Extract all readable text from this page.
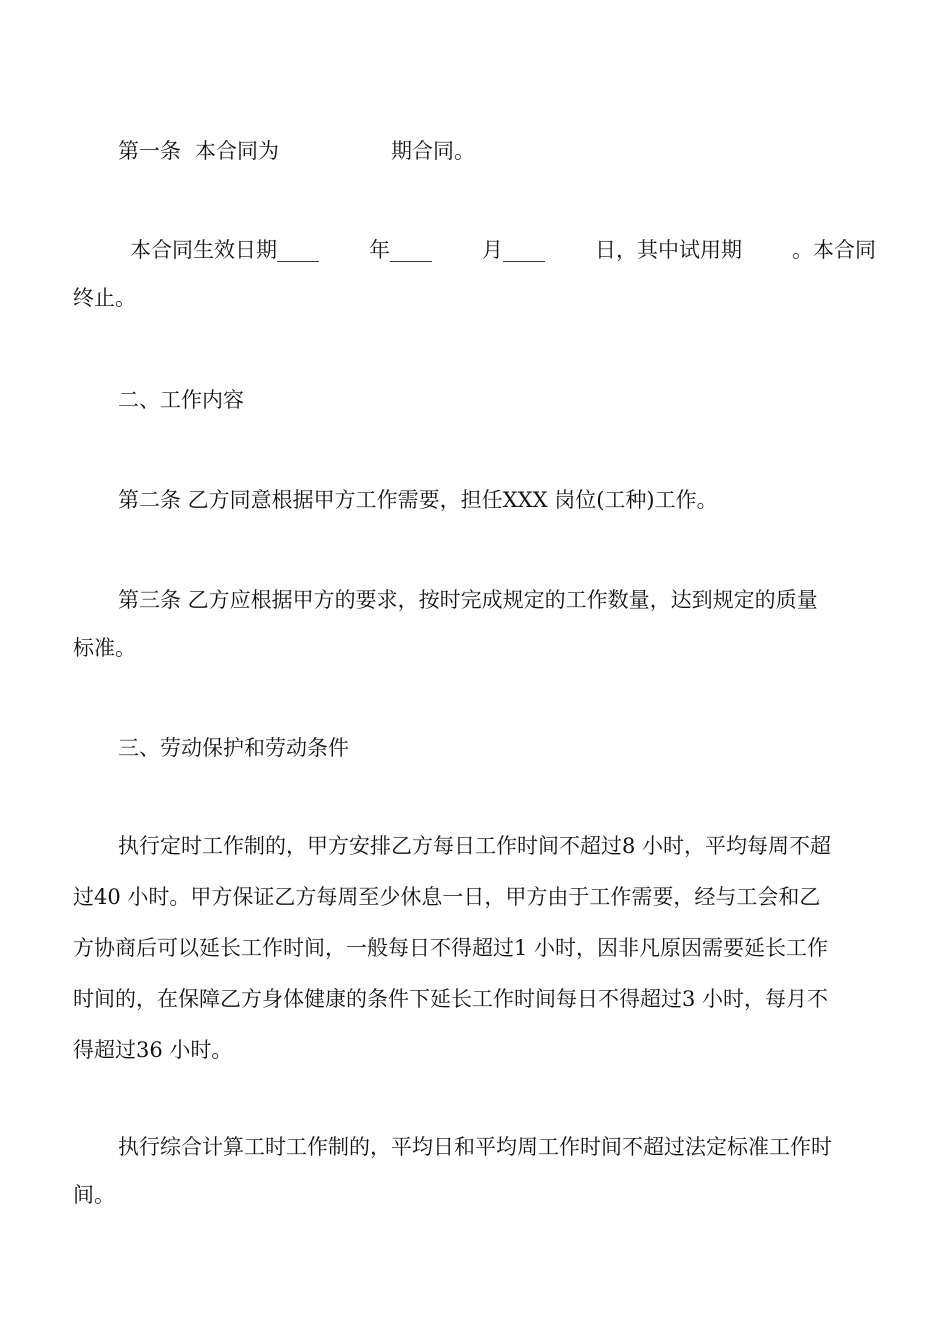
第一条 本合同为	期合同。
本合同生效日期____ 年____ 月____ 日，其中试用期 。本合同
终止。
二、工作内容
第二条 乙方同意根据甲方工作需要，担任XXX 岗位(工种)工作。
第三条 乙方应根据甲方的要求，按时完成规定的工作数量，达到规定的质量
标准。
三、劳动保护和劳动条件
执行定时工作制的，甲方安排乙方每日工作时间不超过8 小时，平均每周不超
过40 小时。甲方保证乙方每周至少休息一日，甲方由于工作需要，经与工会和乙
方协商后可以延长工作时间，一般每日不得超过1 小时，因非凡原因需要延长工作
时间的，在保障乙方身体健康的条件下延长工作时间每日不得超过3 小时，每月不
得超过36 小时。
执行综合计算工时工作制的，平均日和平均周工作时间不超过法定标准工作时
间。
